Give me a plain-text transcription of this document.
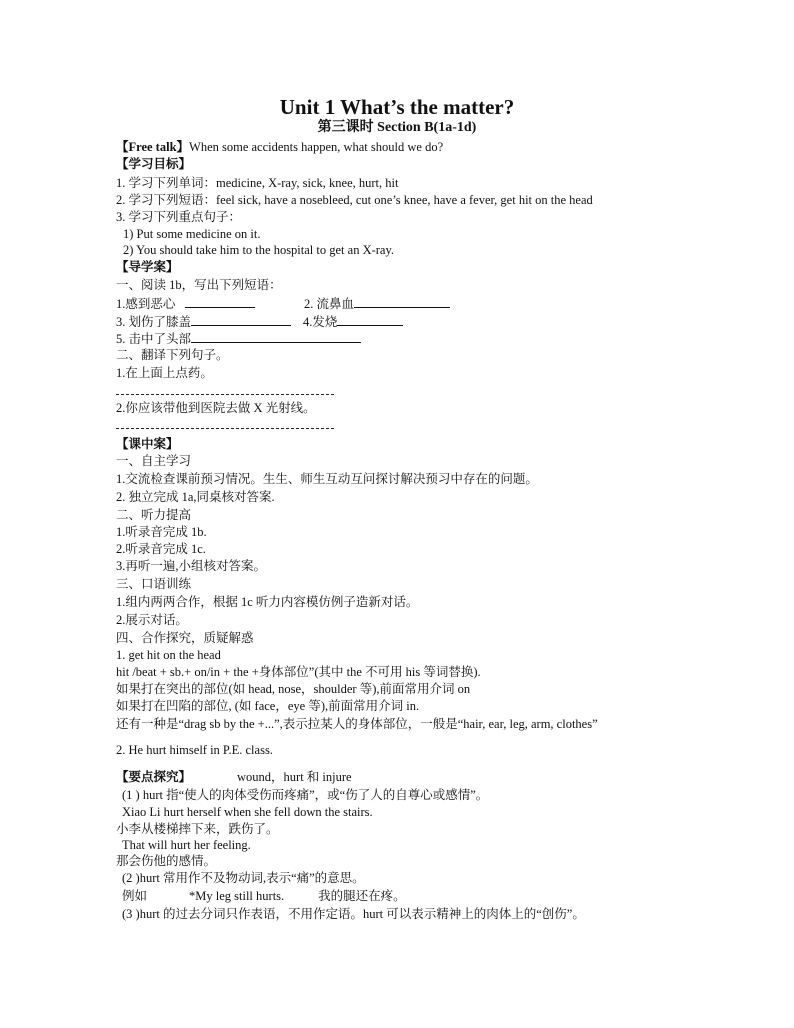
Unit 1 What’s the matter?
第三课时 Section B(1a-1d)
【Free talk】When some accidents happen, what should we do?
【学习目标】
1. 学习下列单词：medicine, X-ray, sick, knee, hurt, hit
2. 学习下列短语：feel sick, have a nosebleed, cut one’s knee, have a fever, get hit on the head
3. 学习下列重点句子：
1) Put some medicine on it.
2) You should take him to the hospital to get an X-ray.
【导学案】
一、阅读 1b，写出下列短语：
1.感到恶心	2. 流鼻血
3. 划伤了膝盖	4.发烧
5. 击中了头部
二、翻译下列句子。
1.在上面上点药。
2.你应该带他到医院去做 X 光射线。
【课中案】
一、自主学习
1.交流检查课前预习情况。生生、师生互动互问探讨解决预习中存在的问题。
2. 独立完成 1a,同桌核对答案.
二、听力提高
1.听录音完成 1b.
2.听录音完成 1c.
3.再听一遍,小组核对答案。
三、口语训练
1.组内两两合作，根据 1c 听力内容模仿例子造新对话。
2.展示对话。
四、合作探究，质疑解惑
1. get hit on the head
hit /beat + sb.+ on/in + the +身体部位”(其中 the 不可用 his 等词替换).
如果打在突出的部位(如 head, nose，shoulder 等),前面常用介词 on
如果打在凹陷的部位, (如 face，eye 等),前面常用介词 in.
还有一种是“drag sb by the +...”,表示拉某人的身体部位，一般是“hair, ear, leg, arm, clothes”
2. He hurt himself in P.E. class.
【要点探究】	wound，hurt 和 injure
(1 ) hurt 指“使人的肉体受伤而疼痛”，或“伤了人的自尊心或感情”。
Xiao Li hurt herself when she fell down the stairs.
小李从楼梯摔下来，跌伤了。
That will hurt her feeling.
那会伤他的感情。
(2 )hurt 常用作不及物动词,表示“痛”的意思。
例如	*My leg still hurts.	我的腿还在疼。
(3 )hurt 的过去分词只作表语，不用作定语。hurt 可以表示精神上的肉体上的“创伤”。
